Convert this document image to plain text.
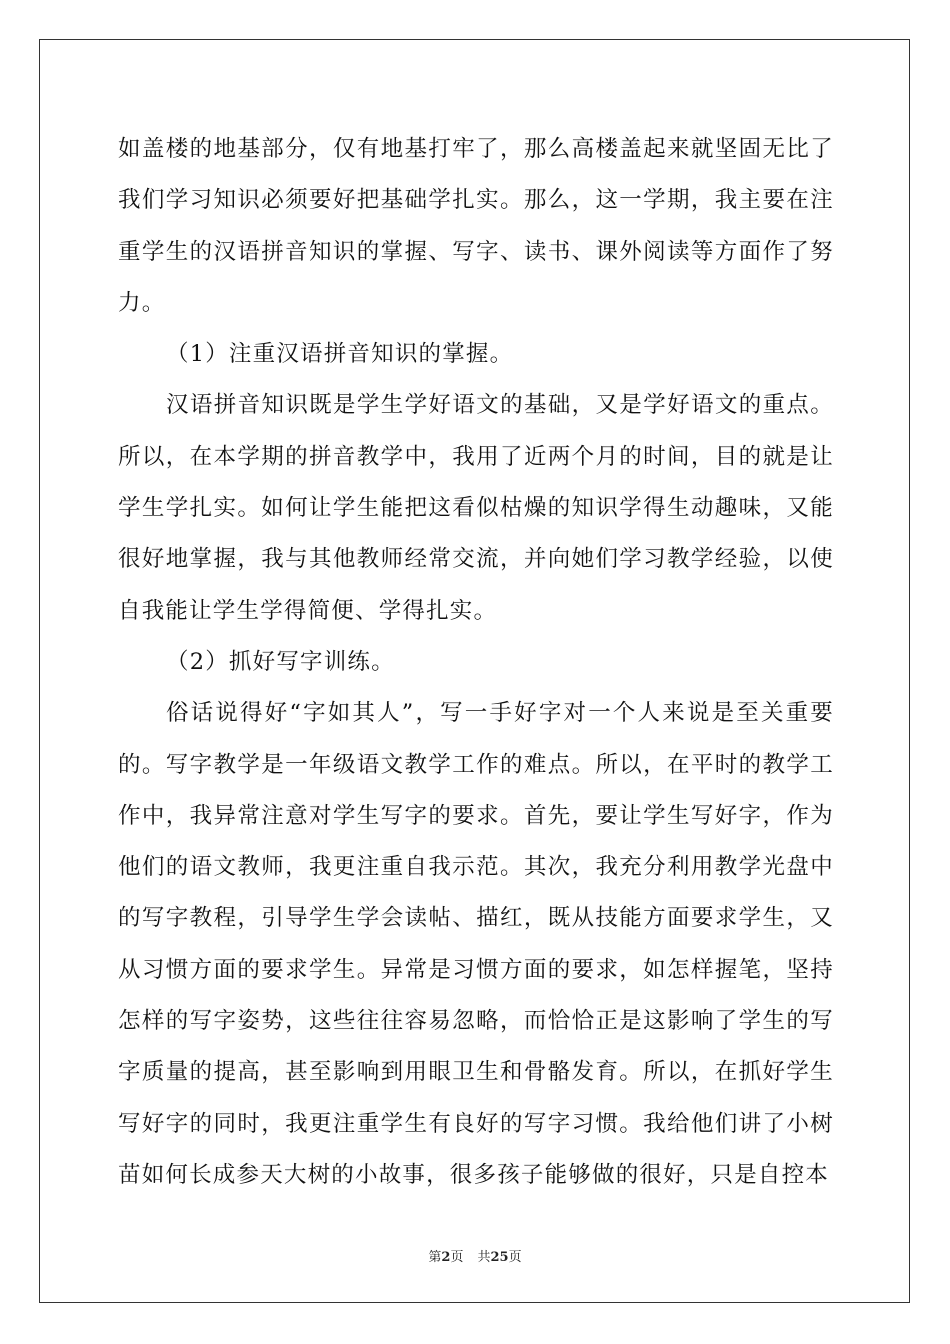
如盖楼的地基部分，仅有地基打牢了，那么高楼盖起来就坚固无比了我们学习知识必须要好把基础学扎实。那么，这一学期，我主要在注重学生的汉语拼音知识的掌握、写字、读书、课外阅读等方面作了努力。

（1）注重汉语拼音知识的掌握。

汉语拼音知识既是学生学好语文的基础，又是学好语文的重点。所以，在本学期的拼音教学中，我用了近两个月的时间，目的就是让学生学扎实。如何让学生能把这看似枯燥的知识学得生动趣味，又能很好地掌握，我与其他教师经常交流，并向她们学习教学经验，以使自我能让学生学得简便、学得扎实。

（2）抓好写字训练。

俗话说得好“字如其人”，写一手好字对一个人来说是至关重要的。写字教学是一年级语文教学工作的难点。所以，在平时的教学工作中，我异常注意对学生写字的要求。首先，要让学生写好字，作为他们的语文教师，我更注重自我示范。其次，我充分利用教学光盘中的写字教程，引导学生学会读帖、描红，既从技能方面要求学生，又从习惯方面的要求学生。异常是习惯方面的要求，如怎样握笔，坚持怎样的写字姿势，这些往往容易忽略，而恰恰正是这影响了学生的写字质量的提高，甚至影响到用眼卫生和骨骼发育。所以，在抓好学生写好字的同时，我更注重学生有良好的写字习惯。我给他们讲了小树苗如何长成参天大树的小故事，很多孩子能够做的很好，只是自控本

第2页 共25页
